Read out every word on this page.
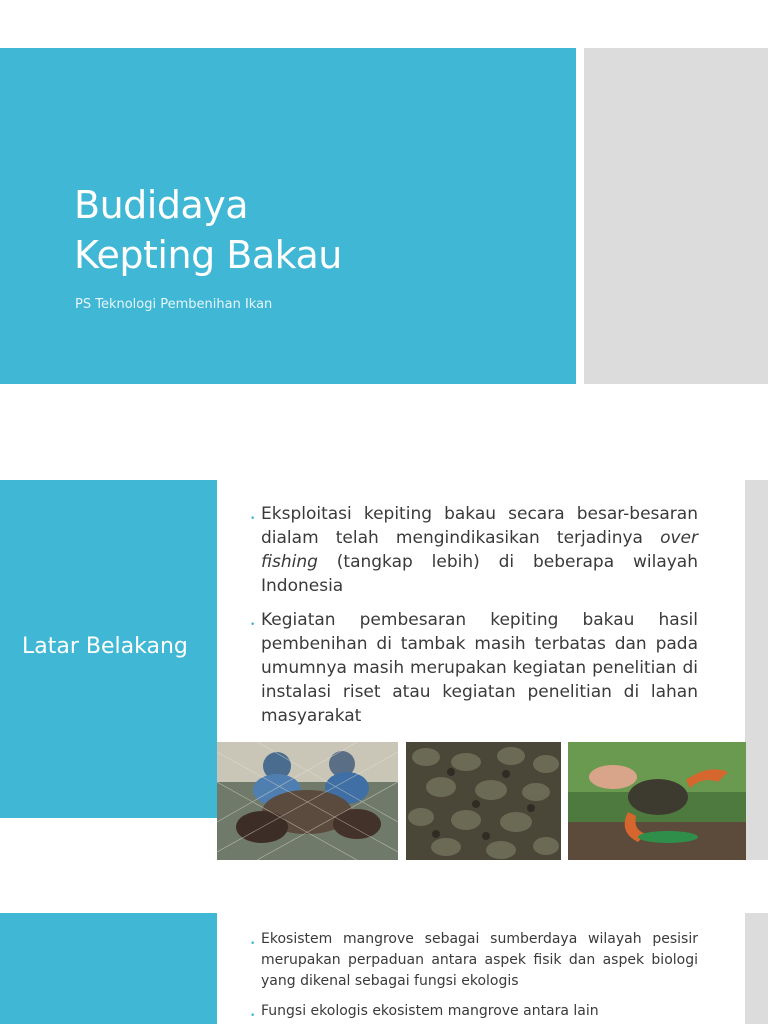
Budidaya
Kepting Bakau
PS Teknologi Pembenihan Ikan
Latar Belakang
• Eksploitasi kepiting bakau secara besar-besaran dialam telah mengindikasikan terjadinya over fishing (tangkap lebih) di beberapa wilayah Indonesia
• Kegiatan pembesaran kepiting bakau hasil pembenihan di tambak masih terbatas dan pada umumnya masih merupakan kegiatan penelitian di instalasi riset atau kegiatan penelitian di lahan masyarakat
• Ekosistem mangrove sebagai sumberdaya wilayah pesisir merupakan perpaduan antara aspek fisik dan aspek biologi yang dikenal sebagai fungsi ekologis
• Fungsi ekologis ekosistem mangrove antara lain
